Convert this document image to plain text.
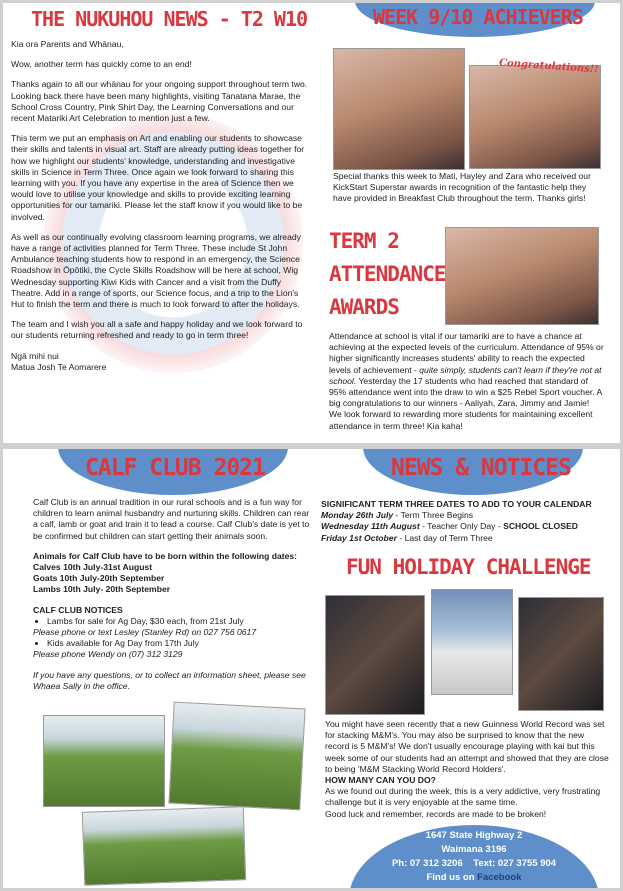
THE NUKUHOU NEWS - T2 W10	WEEK 9/10 ACHIEVERS

Kia ora Parents and Whānau,

Wow, another term has quickly come to an end!

Thanks again to all our whānau for your ongoing support throughout term two. Looking back there have been many highlights, visiting Tanatana Marae, the School Cross Country, Pink Shirt Day, the Learning Conversations and our recent Matariki Art Celebration to mention just a few.

This term we put an emphasis on Art and enabling our students to showcase their skills and talents in visual art. Staff are already putting ideas together for how we highlight our students' knowledge, understanding and investigative skills in Science in Term Three. Once again we look forward to sharing this learning with you. If you have any expertise in the area of Science then we would love to utilise your knowledge and skills to provide exciting learning opportunities for our tamariki. Please let the staff know if you would like to be involved.

As well as our continually evolving classroom learning programs, we already have a range of activities planned for Term Three. These include St John Ambulance teaching students how to respond in an emergency, the Science Roadshow in Ōpōtiki, the Cycle Skills Roadshow will be here at school, Wig Wednesday supporting Kiwi Kids with Cancer and a visit from the Duffy Theatre. Add in a range of sports, our Science focus, and a trip to the Lion's Hut to finish the term and there is much to look forward to after the holidays.

The team and I wish you all a safe and happy holiday and we look forward to our students returning refreshed and ready to go in term three!

Ngā mihi nui

Matua Josh Te Aomarere

Congratulations!!

Special thanks this week to Mati, Hayley and Zara who received our KickStart Superstar awards in recognition of the fantastic help they have provided in Breakfast Club throughout the term. Thanks girls!

TERM 2
ATTENDANCE
AWARDS

Attendance at school is vital if our tamariki are to have a chance at achieving at the expected levels of the curriculum. Attendance of 95% or higher significantly increases students' ability to reach the expected levels of achievement - quite simply, students can't learn if they're not at school. Yesterday the 17 students who had reached that standard of 95% attendance went into the draw to win a $25 Rebel Sport voucher. A big congratulations to our winners - Aaliyah, Zara, Jimmy and Jamie! We look forward to rewarding more students for maintaining excellent attendance in term three! Kia kaha!

CALF CLUB 2021	NEWS & NOTICES

Calf Club is an annual tradition in our rural schools and is a fun way for children to learn animal husbandry and nurturing skills. Children can rear a calf, lamb or goat and train it to lead a course. Calf Club's date is yet to be confirmed but children can start getting their animals soon.

Animals for Calf Club have to be born within the following dates:

Calves 10th July-31st August
Goats 10th July-20th September
Lambs 10th July- 20th September
CALF CLUB NOTICES
• Lambs for sale for Ag Day, $30 each, from 21st July
Please phone or text Lesley (Stanley Rd) on 027 756 0617
• Kids available for Ag Day from 17th July
Please phone Wendy on (07) 312 3129
If you have any questions, or to collect an information sheet, please see Whaea Sally in the office.
SIGNIFICANT TERM THREE DATES TO ADD TO YOUR CALENDAR
Monday 26th July - Term Three Begins
Wednesday 11th August - Teacher Only Day - SCHOOL CLOSED
Friday 1st October - Last day of Term Three
FUN HOLIDAY CHALLENGE

You might have seen recently that a new Guinness World Record was set for stacking M&M's. You may also be surprised to know that the new record is 5 M&M's! We don't usually encourage playing with kai but this week some of our students had an attempt and showed that they are close to being 'M&M Stacking World Record Holders'.

HOW MANY CAN YOU DO?
As we found out during the week, this is a very addictive, very frustrating challenge but it is very enjoyable at the same time.
Good luck and remember, records are made to be broken!
1647 State Highway 2
Waimana 3196
Ph: 07 312 3206 Text: 027 3755 904
Find us on Facebook
